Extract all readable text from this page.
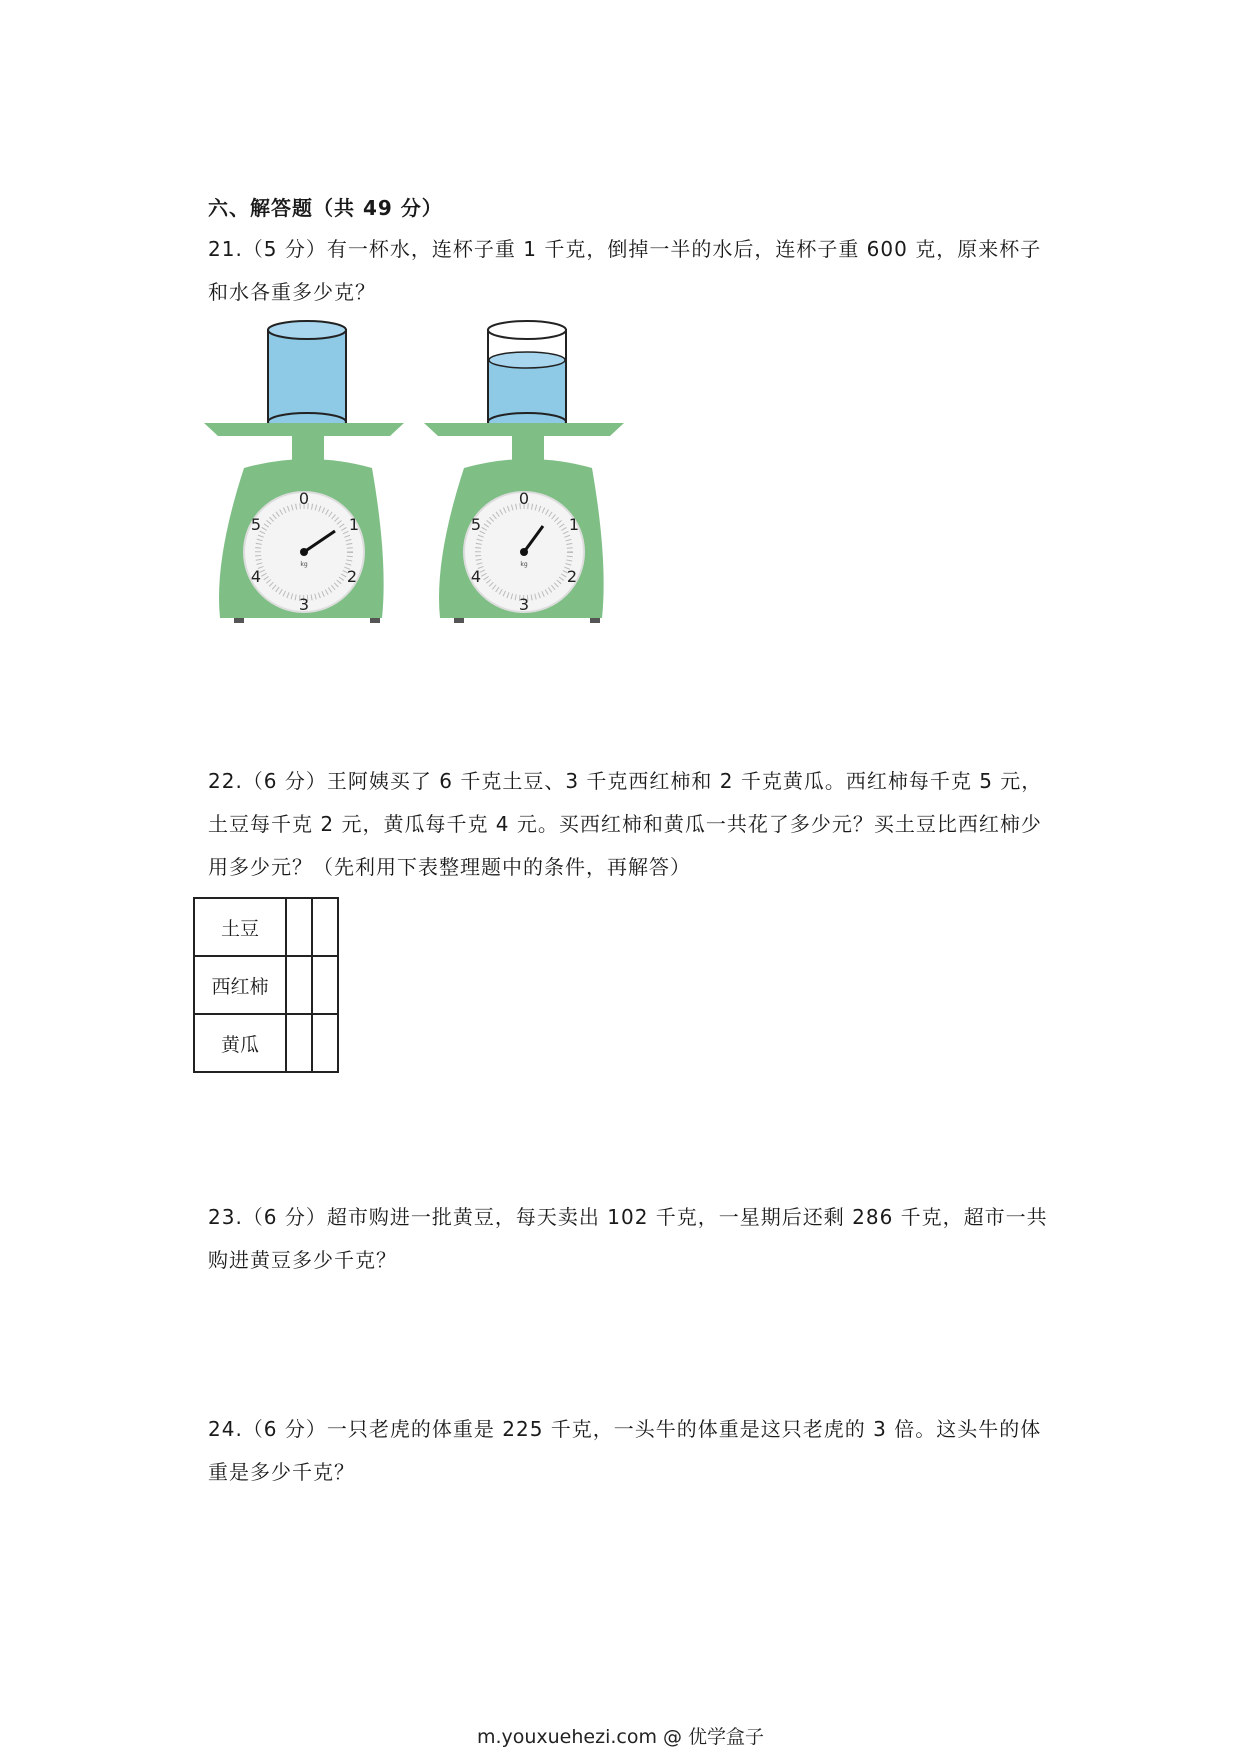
六、解答题（共 49 分）
21.（5 分）有一杯水，连杯子重 1 千克，倒掉一半的水后，连杯子重 600 克，原来杯子和水各重多少克？
0
1
2
3
4
5
kg
0
1
2
3
4
5
kg
22.（6 分）王阿姨买了 6 千克土豆、3 千克西红柿和 2 千克黄瓜。西红柿每千克 5 元，土豆每千克 2 元，黄瓜每千克 4 元。买西红柿和黄瓜一共花了多少元？买土豆比西红柿少用多少元？（先利用下表整理题中的条件，再解答）
土豆		
西红柿		
黄瓜		
23.（6 分）超市购进一批黄豆，每天卖出 102 千克，一星期后还剩 286 千克，超市一共购进黄豆多少千克？
24.（6 分）一只老虎的体重是 225 千克，一头牛的体重是这只老虎的 3 倍。这头牛的体重是多少千克？
m.youxuehezi.com @ 优学盒子
